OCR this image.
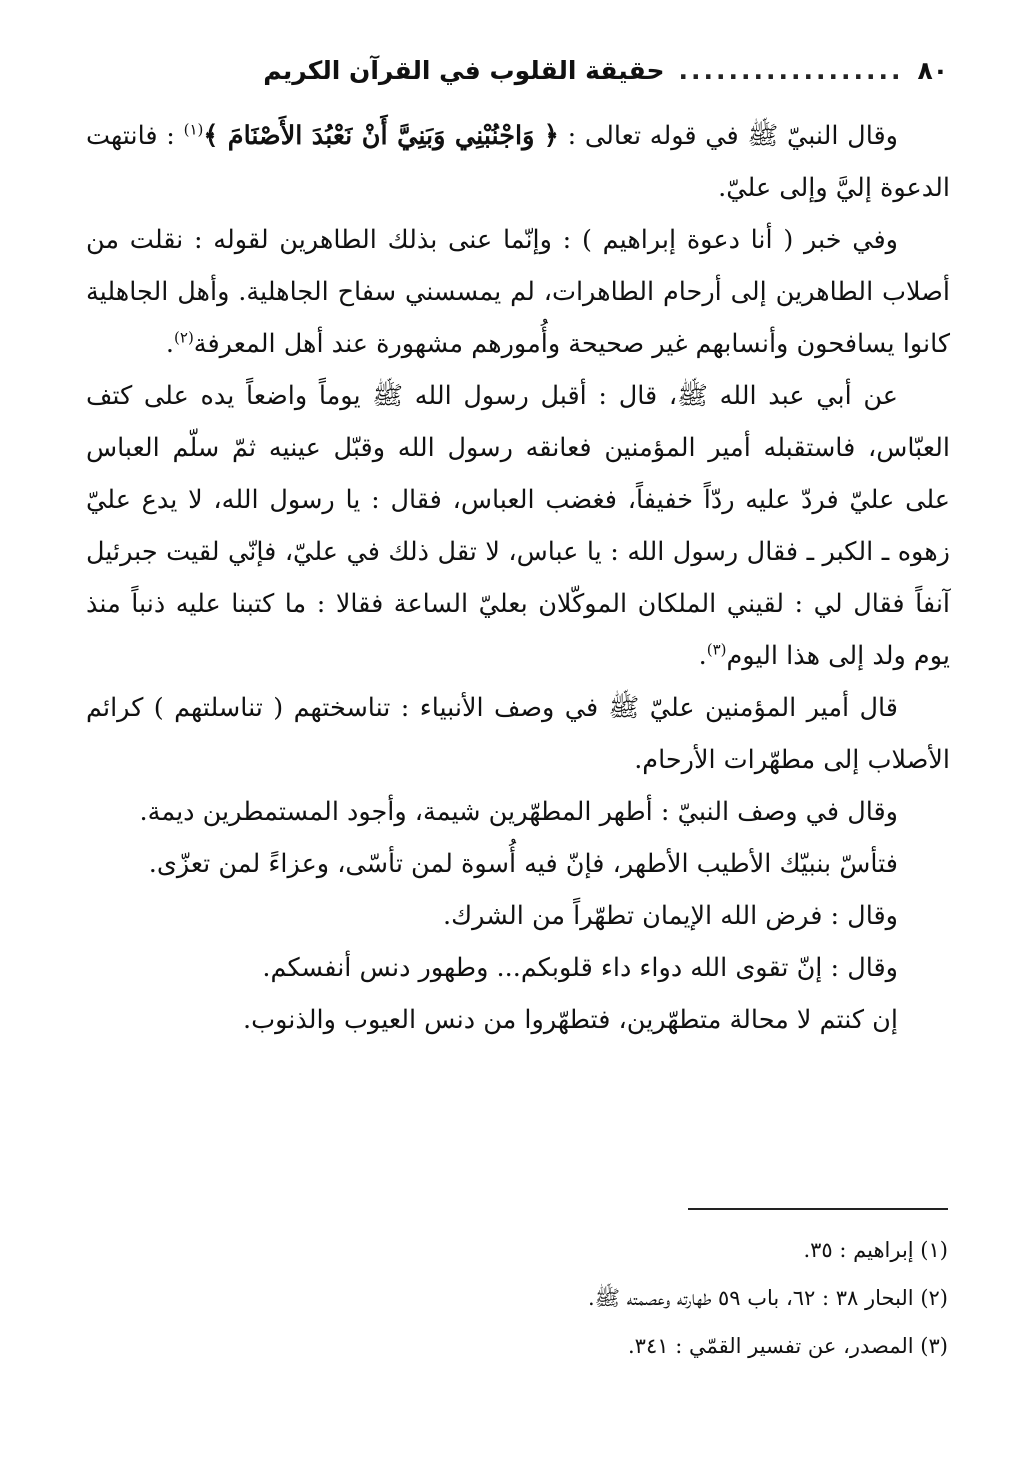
٨٠
..................
حقيقة القلوب في القرآن الكريم

وقال النبيّ ﷺ في قوله تعالى : ﴿ وَاجْنُبْنِي وَبَنِيَّ أَنْ نَعْبُدَ الأَصْنَامَ ﴾$^{(١)}$ : فانتهت الدعوة إليَّ وإلى عليّ.

وفي خبر ( أنا دعوة إبراهيم ) : وإنّما عنى بذلك الطاهرين لقوله : نقلت من أصلاب الطاهرين إلى أرحام الطاهرات، لم يمسسني سفاح الجاهلية. وأهل الجاهلية كانوا يسافحون وأنسابهم غير صحيحة وأُمورهم مشهورة عند أهل المعرفة$^{(٢)}$.

عن أبي عبد الله ﷺ، قال : أقبل رسول الله ﷺ يوماً واضعاً يده على كتف العبّاس، فاستقبله أمير المؤمنين فعانقه رسول الله وقبّل عينيه ثمّ سلّم العباس على عليّ فردّ عليه ردّاً خفيفاً، فغضب العباس، فقال : يا رسول الله، لا يدع عليّ زهوه ـ الكبر ـ فقال رسول الله : يا عباس، لا تقل ذلك في عليّ، فإنّي لقيت جبرئيل آنفاً فقال لي : لقيني الملكان الموكّلان بعليّ الساعة فقالا : ما كتبنا عليه ذنباً منذ يوم ولد إلى هذا اليوم$^{(٣)}$.

قال أمير المؤمنين عليّ ﷺ في وصف الأنبياء : تناسختهم ( تناسلتهم ) كرائم الأصلاب إلى مطهّرات الأرحام.

وقال في وصف النبيّ : أطهر المطهّرين شيمة، وأجود المستمطرين ديمة.

فتأسّ بنبيّك الأطيب الأطهر، فإنّ فيه أُسوة لمن تأسّى، وعزاءً لمن تعزّى.

وقال : فرض الله الإيمان تطهّراً من الشرك.

وقال : إنّ تقوى الله دواء داء قلوبكم... وطهور دنس أنفسكم.

إن كنتم لا محالة متطهّرين، فتطهّروا من دنس العيوب والذنوب.

(١) إبراهيم : ٣٥.

(٢) البحار ٣٨ : ٦٢، باب ٥٩ طهارته وعصمته ﷺ.

(٣) المصدر، عن تفسير القمّي : ٣٤١.
